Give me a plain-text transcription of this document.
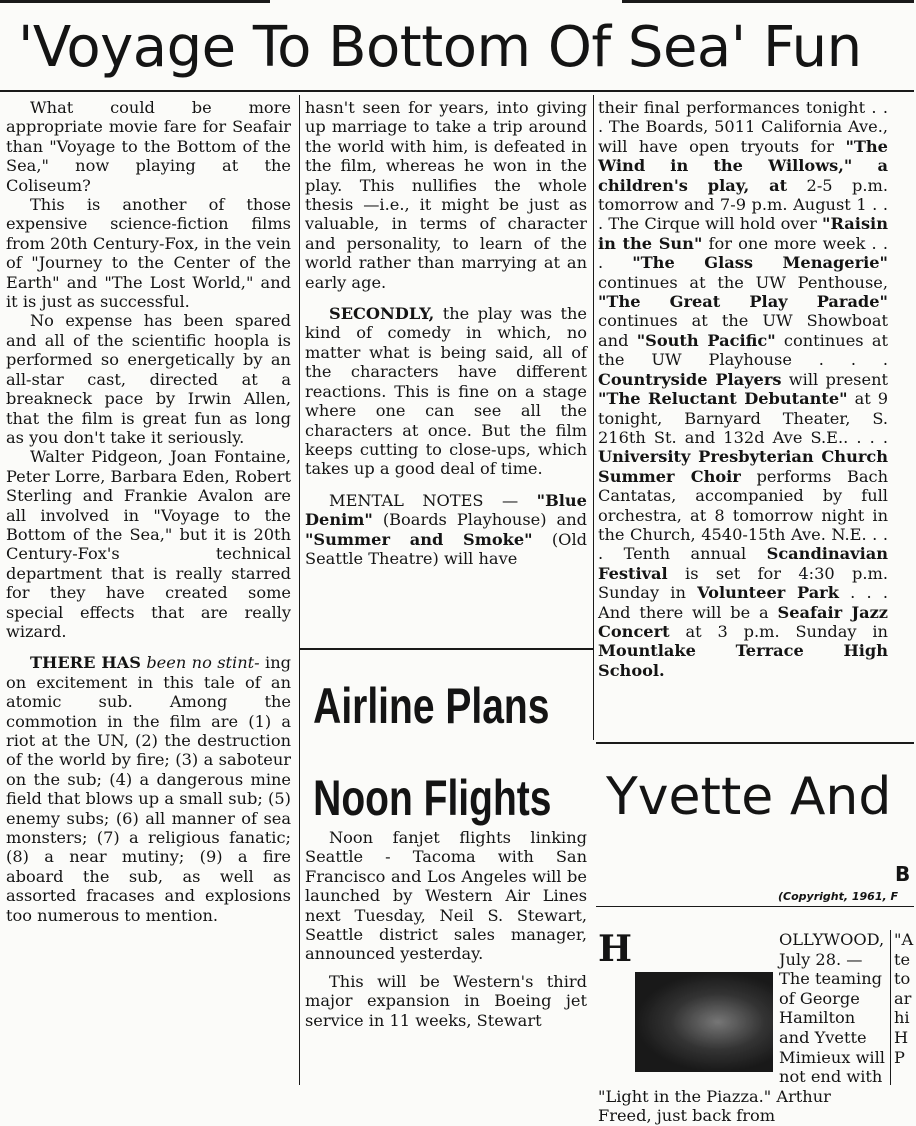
'Voyage To Bottom Of Sea' Fun

What could be more appropriate movie fare for Seafair than "Voyage to the Bottom of the Sea," now playing at the Coliseum?

This is another of those expensive science-fiction films from 20th Century-Fox, in the vein of "Journey to the Center of the Earth" and "The Lost World," and it is just as successful.

No expense has been spared and all of the scientific hoopla is performed so energetically by an all-star cast, directed at a breakneck pace by Irwin Allen, that the film is great fun as long as you don't take it seriously.

Walter Pidgeon, Joan Fontaine, Peter Lorre, Barbara Eden, Robert Sterling and Frankie Avalon are all involved in "Voyage to the Bottom of the Sea," but it is 20th Century-Fox's technical department that is really starred for they have created some special effects that are really wizard.

THERE HAS been no stint- ing on excitement in this tale of an atomic sub. Among the commotion in the film are (1) a riot at the UN, (2) the destruction of the world by fire; (3) a saboteur on the sub; (4) a dangerous mine field that blows up a small sub; (5) enemy subs; (6) all manner of sea monsters; (7) a religious fanatic; (8) a near mutiny; (9) a fire aboard the sub, as well as assorted fracases and explosions too numerous to mention.

hasn't seen for years, into giving up marriage to take a trip around the world with him, is defeated in the film, whereas he won in the play. This nullifies the whole thesis —i.e., it might be just as valuable, in terms of character and personality, to learn of the world rather than marrying at an early age.

SECONDLY, the play was the kind of comedy in which, no matter what is being said, all of the characters have different reactions. This is fine on a stage where one can see all the characters at once. But the film keeps cutting to close-ups, which takes up a good deal of time.

MENTAL NOTES — "Blue Denim" (Boards Playhouse) and "Summer and Smoke" (Old Seattle Theatre) will have

their final performances tonight . . . The Boards, 5011 California Ave., will have open tryouts for "The Wind in the Willows," a children's play, at 2-5 p.m. tomorrow and 7-9 p.m. August 1 . . . The Cirque will hold over "Raisin in the Sun" for one more week . . . "The Glass Menagerie" continues at the UW Penthouse, "The Great Play Parade" continues at the UW Showboat and "South Pacific" continues at the UW Playhouse . . . Countryside Players will present "The Reluctant Debutante" at 9 tonight, Barnyard Theater, S. 216th St. and 132d Ave S.E.. . . . University Presbyterian Church Summer Choir performs Bach Cantatas, accompanied by full orchestra, at 8 tomorrow night in the Church, 4540-15th Ave. N.E. . . . Tenth annual Scandinavian Festival is set for 4:30 p.m. Sunday in Volunteer Park . . . And there will be a Seafair Jazz Concert at 3 p.m. Sunday in Mountlake Terrace High School.

Airline Plans
Noon Flights

Noon fanjet flights linking Seattle - Tacoma with San Francisco and Los Angeles will be launched by Western Air Lines next Tuesday, Neil S. Stewart, Seattle district sales manager, announced yesterday.

This will be Western's third major expansion in Boeing jet service in 11 weeks, Stewart

Yvette And
B
(Copyright, 1961, F
H	OLLYWOOD, July 28. — The teaming of George Hamilton and Yvette Mimieux will not end with "Light in the Piazza." Arthur Freed, just back from
"A te to ar hi H P
